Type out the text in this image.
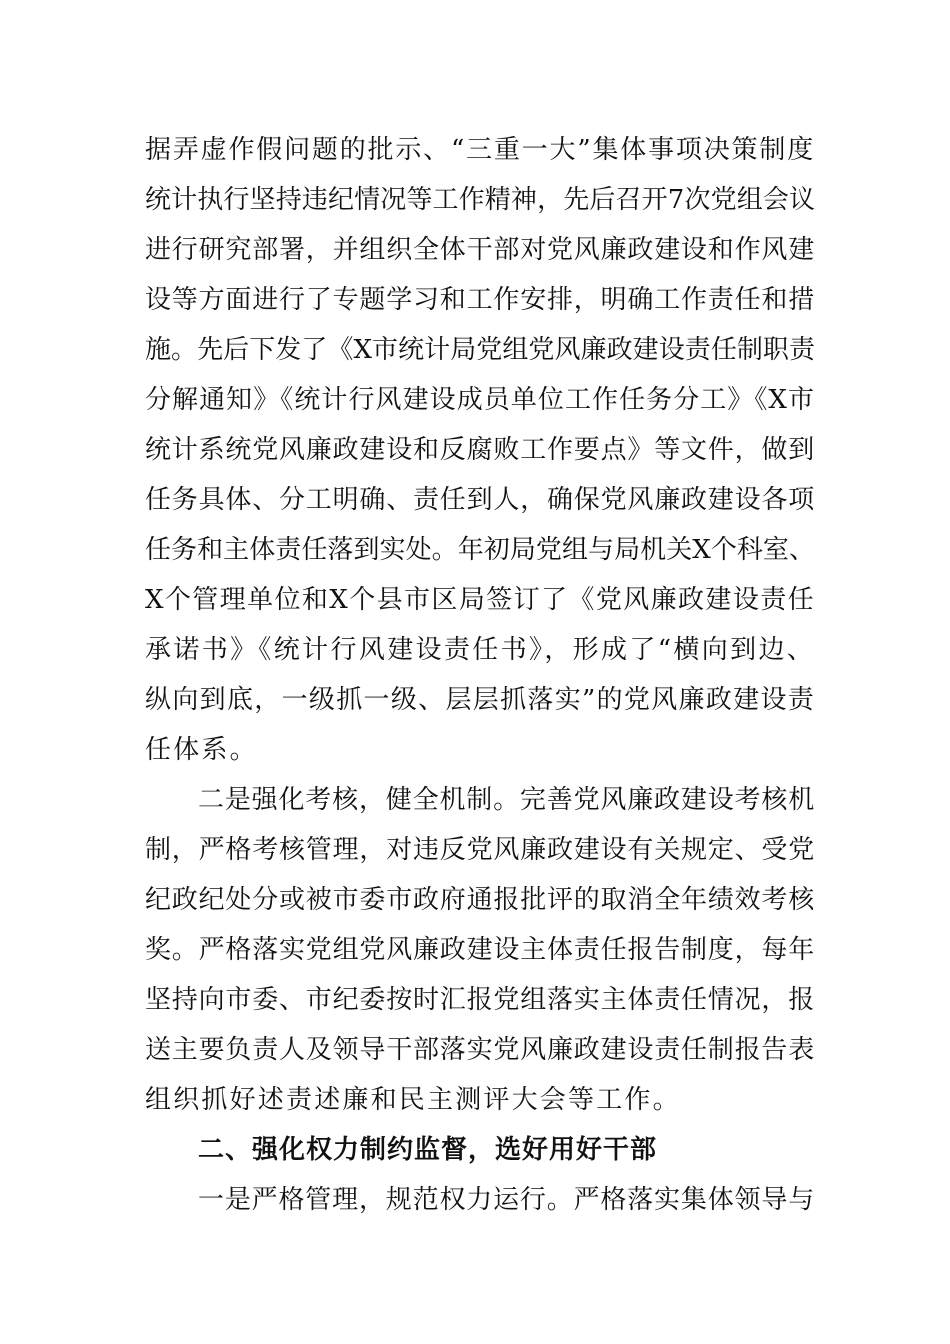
据弄虚作假问题的批示、“三重一大”集体事项决策制度
统计执行坚持违纪情况等工作精神，先后召开7次党组会议
进行研究部署，并组织全体干部对党风廉政建设和作风建
设等方面进行了专题学习和工作安排，明确工作责任和措
施。先后下发了《X市统计局党组党风廉政建设责任制职责
分解通知》《统计行风建设成员单位工作任务分工》《X市
统计系统党风廉政建设和反腐败工作要点》等文件，做到
任务具体、分工明确、责任到人，确保党风廉政建设各项
任务和主体责任落到实处。年初局党组与局机关X个科室、
X个管理单位和X个县市区局签订了《党风廉政建设责任
承诺书》《统计行风建设责任书》，形成了“横向到边、
纵向到底，一级抓一级、层层抓落实”的党风廉政建设责
任体系。
二是强化考核，健全机制。完善党风廉政建设考核机
制，严格考核管理，对违反党风廉政建设有关规定、受党
纪政纪处分或被市委市政府通报批评的取消全年绩效考核
奖。严格落实党组党风廉政建设主体责任报告制度，每年
坚持向市委、市纪委按时汇报党组落实主体责任情况，报
送主要负责人及领导干部落实党风廉政建设责任制报告表
组织抓好述责述廉和民主测评大会等工作。
二、强化权力制约监督，选好用好干部
一是严格管理，规范权力运行。严格落实集体领导与
